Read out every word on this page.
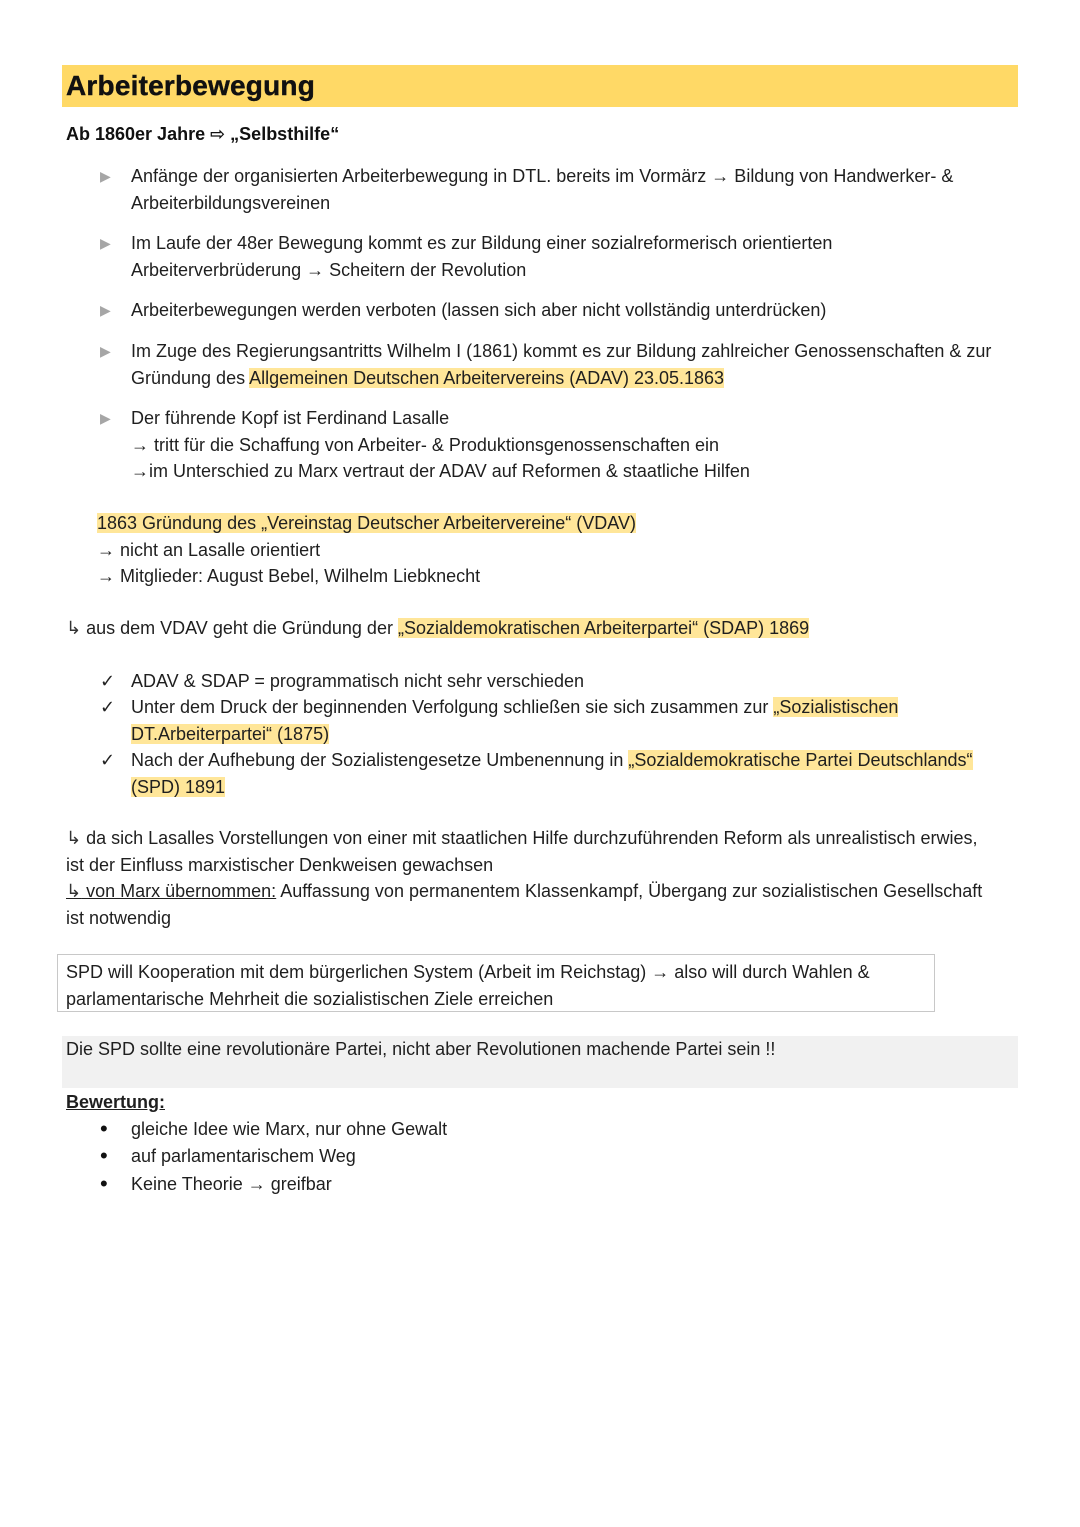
Arbeiterbewegung
Ab 1860er Jahre ⇨ „Selbsthilfe“
▶	Anfänge der organisierten Arbeiterbewegung in DTL. bereits im Vormärz → Bildung von Handwerker- &
Arbeiterbildungsvereinen
▶	Im Laufe der 48er Bewegung kommt es zur Bildung einer sozialreformerisch orientierten
Arbeiterverbrüderung → Scheitern der Revolution
▶	Arbeiterbewegungen werden verboten (lassen sich aber nicht vollständig unterdrücken)
▶	Im Zuge des Regierungsantritts Wilhelm I (1861) kommt es zur Bildung zahlreicher Genossenschaften & zur
Gründung des Allgemeinen Deutschen Arbeitervereins (ADAV) 23.05.1863
▶	Der führende Kopf ist Ferdinand Lasalle
→ tritt für die Schaffung von Arbeiter- & Produktionsgenossenschaften ein
→im Unterschied zu Marx vertraut der ADAV auf Reformen & staatliche Hilfen
1863 Gründung des „Vereinstag Deutscher Arbeitervereine“ (VDAV)
→ nicht an Lasalle orientiert
→ Mitglieder: August Bebel, Wilhelm Liebknecht
↳ aus dem VDAV geht die Gründung der „Sozialdemokratischen Arbeiterpartei“ (SDAP) 1869
✓ ADAV & SDAP = programmatisch nicht sehr verschieden
✓ Unter dem Druck der beginnenden Verfolgung schließen sie sich zusammen zur „Sozialistischen
DT.Arbeiterpartei“ (1875)
✓ Nach der Aufhebung der Sozialistengesetze Umbenennung in „Sozialdemokratische Partei Deutschlands“
(SPD) 1891
↳ da sich Lasalles Vorstellungen von einer mit staatlichen Hilfe durchzuführenden Reform als unrealistisch erwies,
ist der Einfluss marxistischer Denkweisen gewachsen
↳ von Marx übernommen: Auffassung von permanentem Klassenkampf, Übergang zur sozialistischen Gesellschaft
ist notwendig
SPD will Kooperation mit dem bürgerlichen System (Arbeit im Reichstag) → also will durch Wahlen &
parlamentarische Mehrheit die sozialistischen Ziele erreichen
Die SPD sollte eine revolutionäre Partei, nicht aber Revolutionen machende Partei sein !!
Bewertung:
•	gleiche Idee wie Marx, nur ohne Gewalt
•	auf parlamentarischem Weg
•	Keine Theorie → greifbar
